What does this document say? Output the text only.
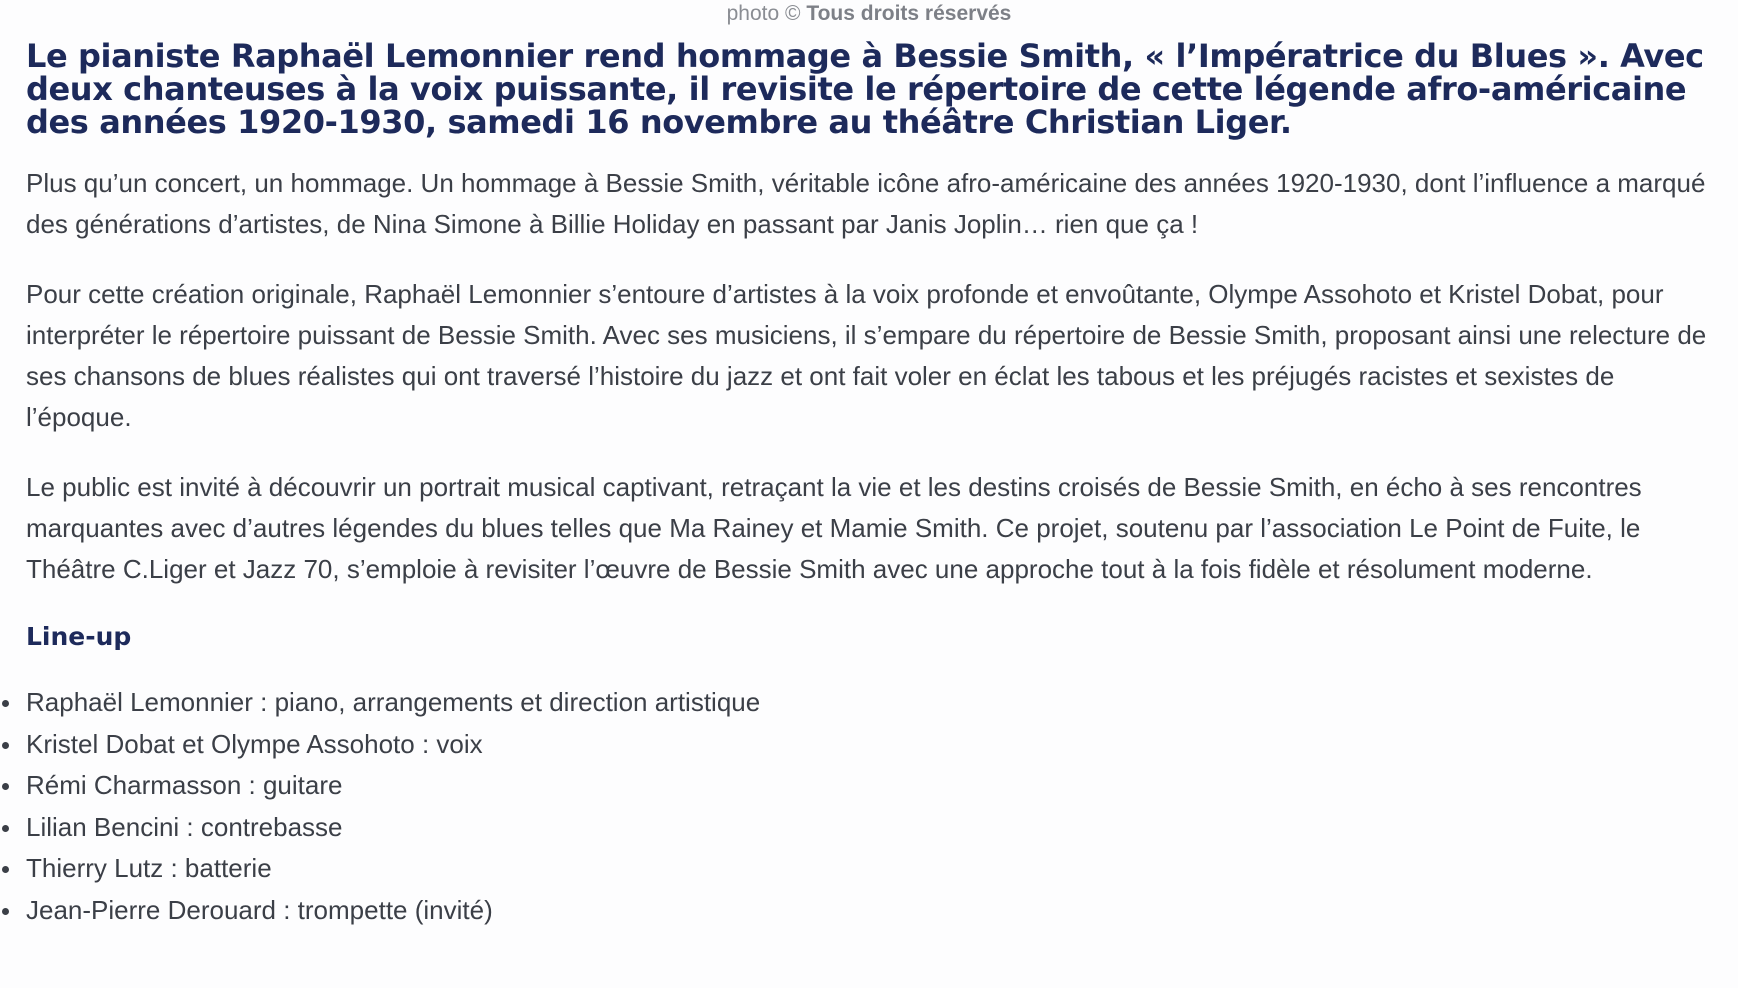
photo © Tous droits réservés

Le pianiste Raphaël Lemonnier rend hommage à Bessie Smith, « l’Impératrice du Blues ». Avec deux chanteuses à la voix puissante, il revisite le répertoire de cette légende afro-américaine des années 1920-1930, samedi 16 novembre au théâtre Christian Liger.

Plus qu’un concert, un hommage. Un hommage à Bessie Smith, véritable icône afro-américaine des années 1920-1930, dont l’influence a marqué des générations d’artistes, de Nina Simone à Billie Holiday en passant par Janis Joplin… rien que ça !

Pour cette création originale, Raphaël Lemonnier s’entoure d’artistes à la voix profonde et envoûtante, Olympe Assohoto et Kristel Dobat, pour interpréter le répertoire puissant de Bessie Smith. Avec ses musiciens, il s’empare du répertoire de Bessie Smith, proposant ainsi une relecture de ses chansons de blues réalistes qui ont traversé l’histoire du jazz et ont fait voler en éclat les tabous et les préjugés racistes et sexistes de l’époque.

Le public est invité à découvrir un portrait musical captivant, retraçant la vie et les destins croisés de Bessie Smith, en écho à ses rencontres marquantes avec d’autres légendes du blues telles que Ma Rainey et Mamie Smith. Ce projet, soutenu par l’association Le Point de Fuite, le Théâtre C.Liger et Jazz 70, s’emploie à revisiter l’œuvre de Bessie Smith avec une approche tout à la fois fidèle et résolument moderne.

Line-up
Raphaël Lemonnier : piano, arrangements et direction artistique
Kristel Dobat et Olympe Assohoto : voix
Rémi Charmasson : guitare
Lilian Bencini : contrebasse
Thierry Lutz : batterie
Jean-Pierre Derouard : trompette (invité)
